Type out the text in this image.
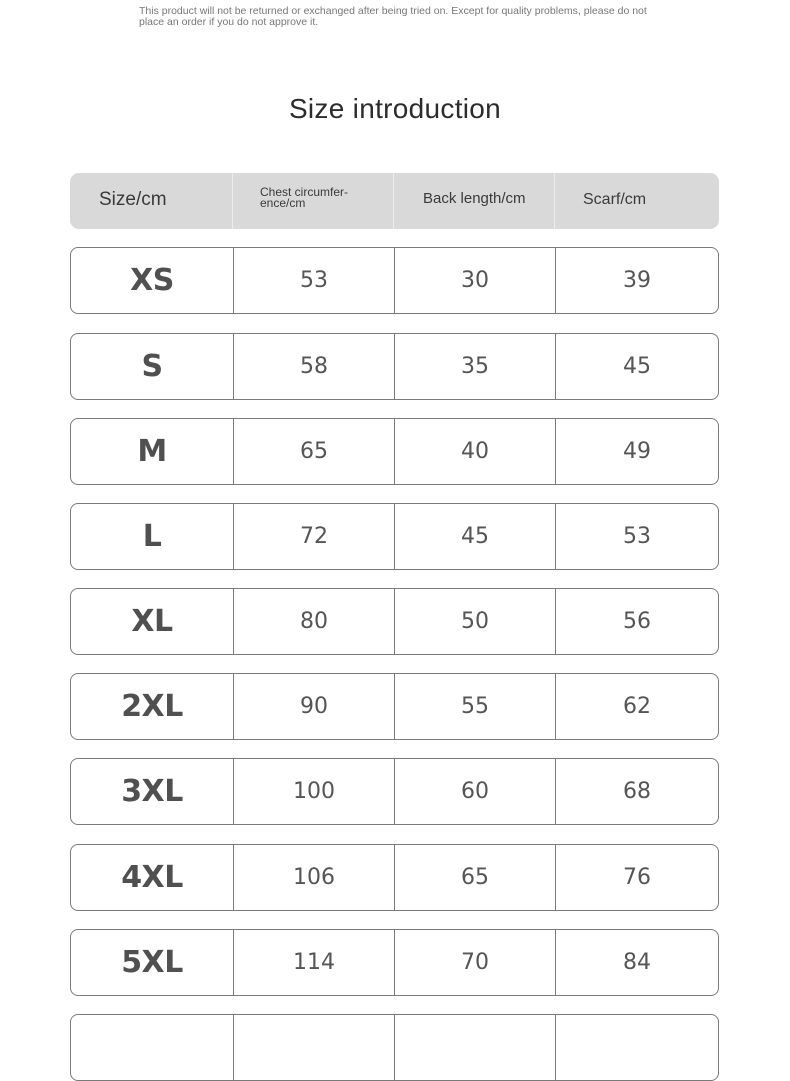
This product will not be returned or exchanged after being tried on. Except for quality problems, please do not place an order if you do not approve it.
Size introduction
Size/cm	Chest circumfer-ence/cm	Back length/cm	Scarf/cm
XS	53	30	39
S	58	35	45
M	65	40	49
L	72	45	53
XL	80	50	56
2XL	90	55	62
3XL	100	60	68
4XL	106	65	76
5XL	114	70	84
